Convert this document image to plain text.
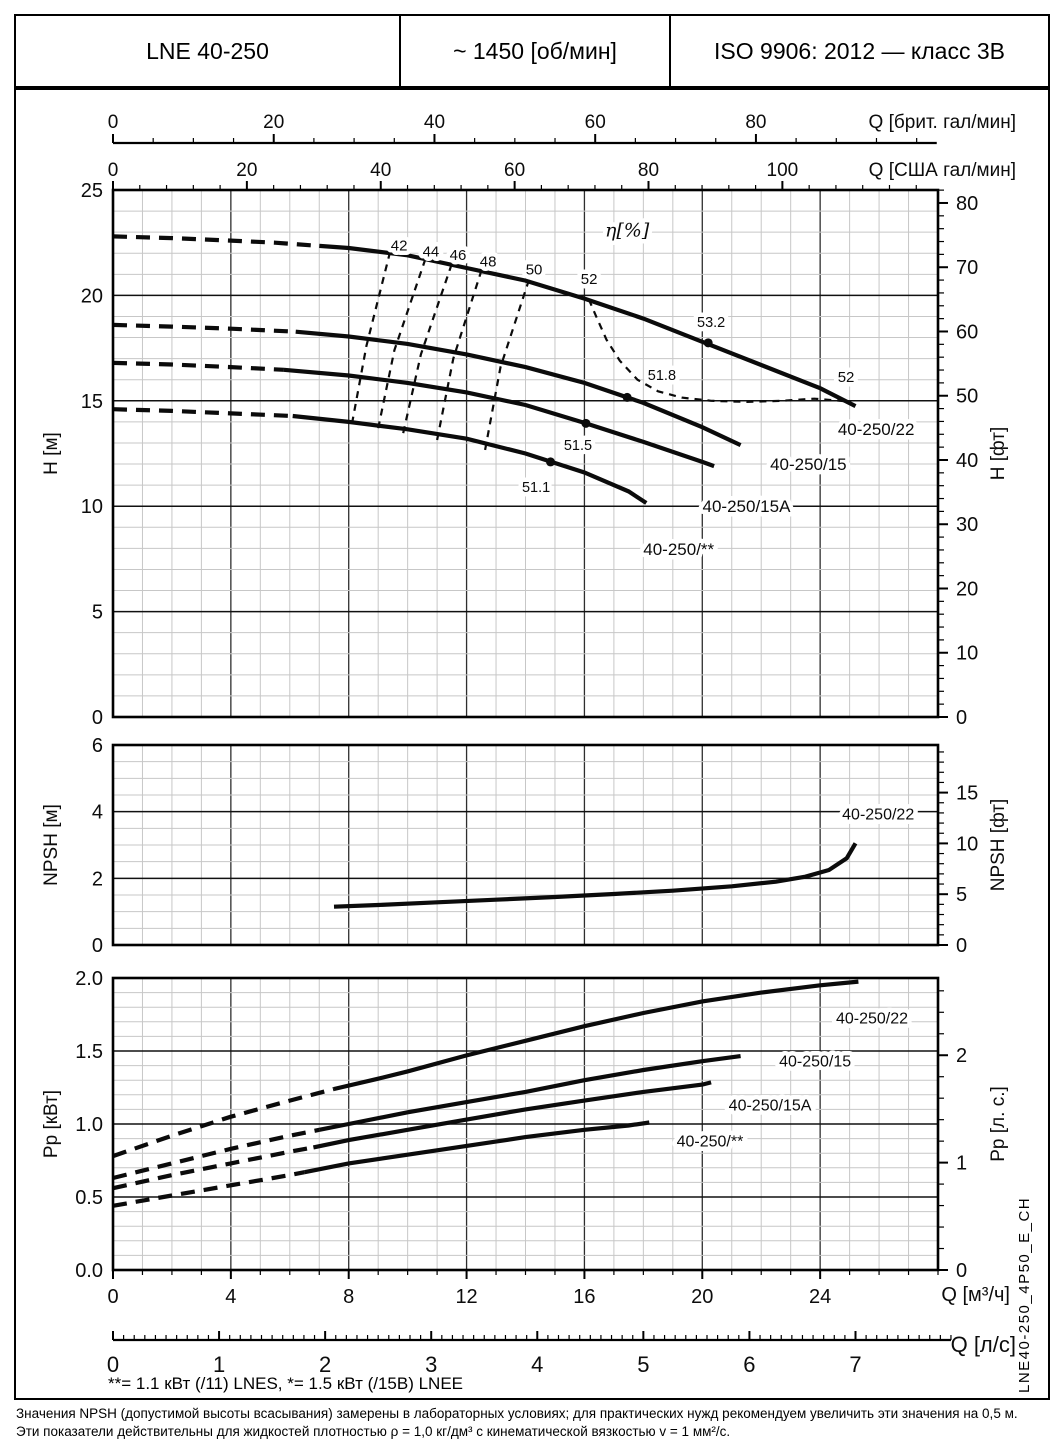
LNE 40-250	~ 1450 [об/мин]	ISO 9906: 2012 — класс 3В
80
70
60
50
40
30
20
10
0
25
20
15
10
5
0
H [м]	H [фт]
η[%]
42 44 46 48 50
52
52
53.2
51.8
51.5
51.1
40-250/22
40-250/15
40-250/15A
40-250/**
15
10
5
0
6
4
2
0
NPSH [м]	NPSH [фт]
40-250/22
2
1
0
2.0
1.5
1.0
0.5
0.0
Pp [кВт]	Pp [л. с.]
40-250/22
40-250/15
40-250/15A
40-250/**
0	20	40	60	80	Q [брит. гал/мин]
0	20	40	60	80	100	Q [США гал/мин]
0	4	8	12	16	20	24	Q [м³/ч]
0	1	2	3	4	5	6	7
Q [л/с]
**= 1.1 кВт (/11) LNES, *= 1.5 кВт (/15B) LNEE	LNE40-250_4P50_E_CH
Значения NPSH (допустимой высоты всасывания) замерены в лабораторных условиях; для практических нужд рекомендуем увеличить эти значения на 0,5 м.
Эти показатели действительны для жидкостей плотностью ρ = 1,0 кг/дм³ с кинематической вязкостью v = 1 мм²/с.
